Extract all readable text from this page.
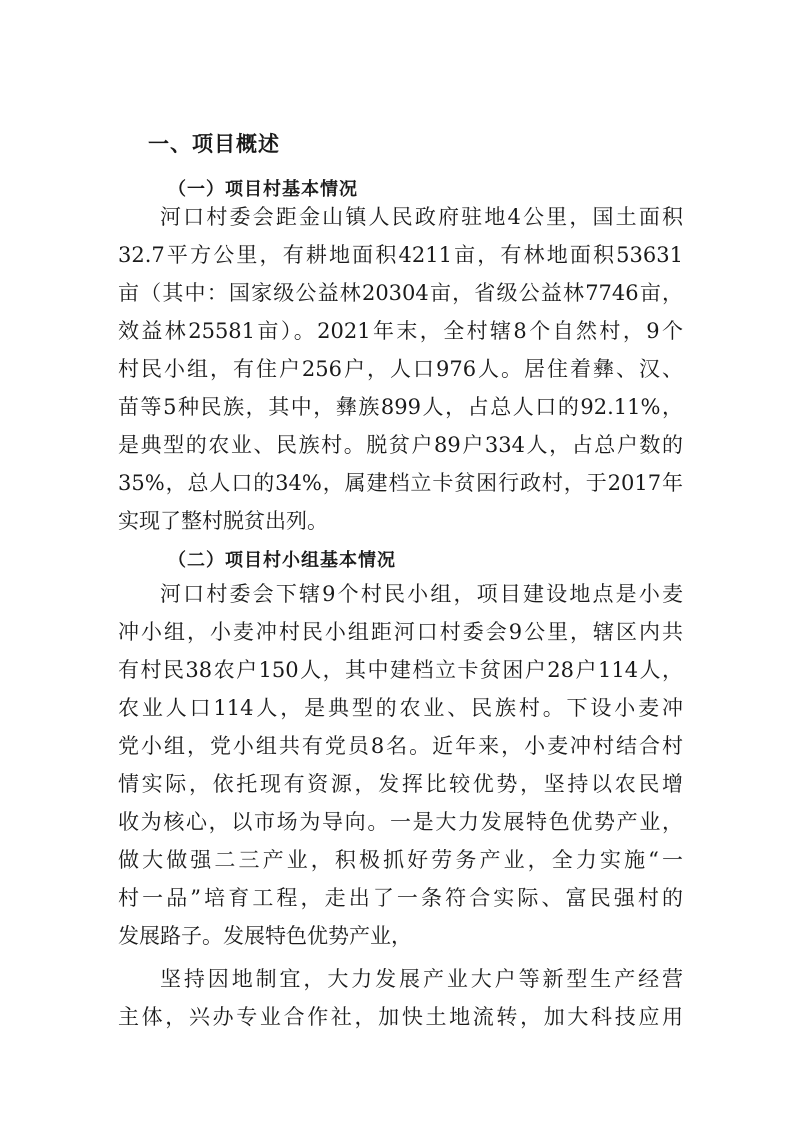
一、项目概述
（一）项目村基本情况
河口村委会距金山镇人民政府驻地4公里，国土面积
32.7平方公里，有耕地面积4211亩，有林地面积53631
亩（其中：国家级公益林20304亩，省级公益林7746亩，
效益林25581亩）。2021年末，全村辖8个自然村，9个
村民小组，有住户256户，人口976人。居住着彝、汉、
苗等5种民族，其中，彝族899人，占总人口的92.11%，
是典型的农业、民族村。脱贫户89户334人，占总户数的
35%，总人口的34%，属建档立卡贫困行政村，于2017年
实现了整村脱贫出列。
（二）项目村小组基本情况
河口村委会下辖9个村民小组，项目建设地点是小麦
冲小组，小麦冲村民小组距河口村委会9公里，辖区内共
有村民38农户150人，其中建档立卡贫困户28户114人，
农业人口114人，是典型的农业、民族村。下设小麦冲
党小组，党小组共有党员8名。近年来，小麦冲村结合村
情实际，依托现有资源，发挥比较优势，坚持以农民增
收为核心，以市场为导向。一是大力发展特色优势产业，
做大做强二三产业，积极抓好劳务产业，全力实施“一
村一品”培育工程，走出了一条符合实际、富民强村的
发展路子。发展特色优势产业，
坚持因地制宜，大力发展产业大户等新型生产经营
主体，兴办专业合作社，加快土地流转，加大科技应用
